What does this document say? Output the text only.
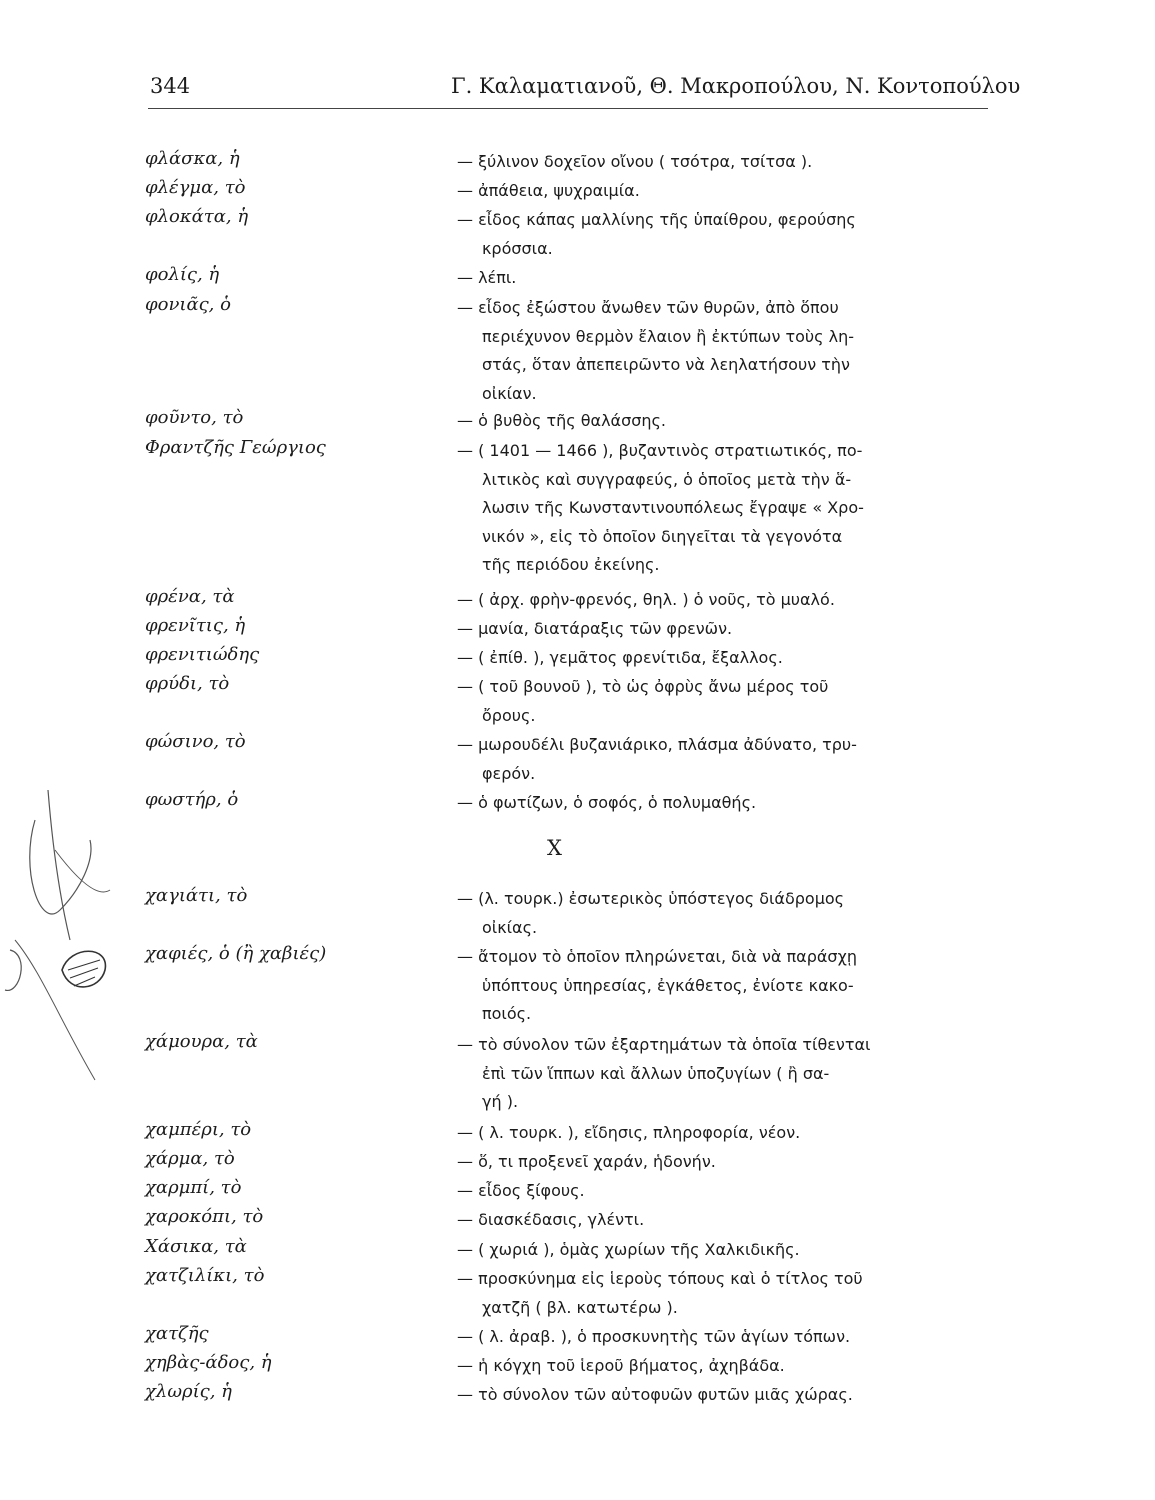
344	Γ. Καλαματιανοῦ, Θ. Μακροπούλου, Ν. Κοντοπούλου
φλάσκα, ἡ	— ξύλινον δοχεῖον οἴνου ( τσότρα, τσίτσα ).
φλέγμα, τὸ	— ἀπάθεια, ψυχραιμία.
φλοκάτα, ἡ	— εἶδος κάπας μαλλίνης τῆς ὑπαίθρου, φερούσης
κρόσσια.
φολίς, ἡ	— λέπι.
φονιᾶς, ὁ	— εἶδος ἐξώστου ἄνωθεν τῶν θυρῶν, ἀπὸ ὅπου
περιέχυνον θερμὸν ἔλαιον ἢ ἐκτύπων τοὺς λη-
στάς, ὅταν ἀπεπειρῶντο νὰ λεηλατήσουν τὴν
οἰκίαν.
φοῦντο, τὸ	— ὁ βυθὸς τῆς θαλάσσης.
Φραντζῆς Γεώργιος	— ( 1401 — 1466 ), βυζαντινὸς στρατιωτικός, πο-
λιτικὸς καὶ συγγραφεύς, ὁ ὁποῖος μετὰ τὴν ἅ-
λωσιν τῆς Κωνσταντινουπόλεως ἔγραψε « Χρο-
νικόν », εἰς τὸ ὁποῖον διηγεῖται τὰ γεγονότα
τῆς περιόδου ἐκείνης.
φρένα, τὰ	— ( ἀρχ. φρὴν-φρενός, θηλ. ) ὁ νοῦς, τὸ μυαλό.
φρενῖτις, ἡ	— μανία, διατάραξις τῶν φρενῶν.
φρενιτιώδης	— ( ἐπίθ. ), γεμᾶτος φρενίτιδα, ἔξαλλος.
φρύδι, τὸ	— ( τοῦ βουνοῦ ), τὸ ὡς ὀφρὺς ἄνω μέρος τοῦ
ὄρους.
φώσινο, τὸ	— μωρουδέλι βυζανιάρικο, πλάσμα ἀδύνατο, τρυ-
φερόν.
φωστήρ, ὁ	— ὁ φωτίζων, ὁ σοφός, ὁ πολυμαθής.
Χ
χαγιάτι, τὸ	— (λ. τουρκ.) ἐσωτερικὸς ὑπόστεγος διάδρομος
οἰκίας.
χαφιές, ὁ (ἢ χαβιές)	— ἄτομον τὸ ὁποῖον πληρώνεται, διὰ νὰ παράσχῃ
ὑπόπτους ὑπηρεσίας, ἐγκάθετος, ἐνίοτε κακο-
ποιός.
χάμουρα, τὰ	— τὸ σύνολον τῶν ἐξαρτημάτων τὰ ὁποῖα τίθενται
ἐπὶ τῶν ἵππων καὶ ἄλλων ὑποζυγίων ( ἢ σα-
γή ).
χαμπέρι, τὸ	— ( λ. τουρκ. ), εἴδησις, πληροφορία, νέον.
χάρμα, τὸ	— ὅ, τι προξενεῖ χαράν, ἡδονήν.
χαρμπί, τὸ	— εἶδος ξίφους.
χαροκόπι, τὸ	— διασκέδασις, γλέντι.
Χάσικα, τὰ	— ( χωριά ), ὁμὰς χωρίων τῆς Χαλκιδικῆς.
χατζιλίκι, τὸ	— προσκύνημα εἰς ἱεροὺς τόπους καὶ ὁ τίτλος τοῦ
χατζῆ ( βλ. κατωτέρω ).
χατζῆς	— ( λ. ἀραβ. ), ὁ προσκυνητὴς τῶν ἁγίων τόπων.
χηβὰς-άδος, ἡ	— ἡ κόγχη τοῦ ἱεροῦ βήματος, ἀχηβάδα.
χλωρίς, ἡ	— τὸ σύνολον τῶν αὐτοφυῶν φυτῶν μιᾶς χώρας.
